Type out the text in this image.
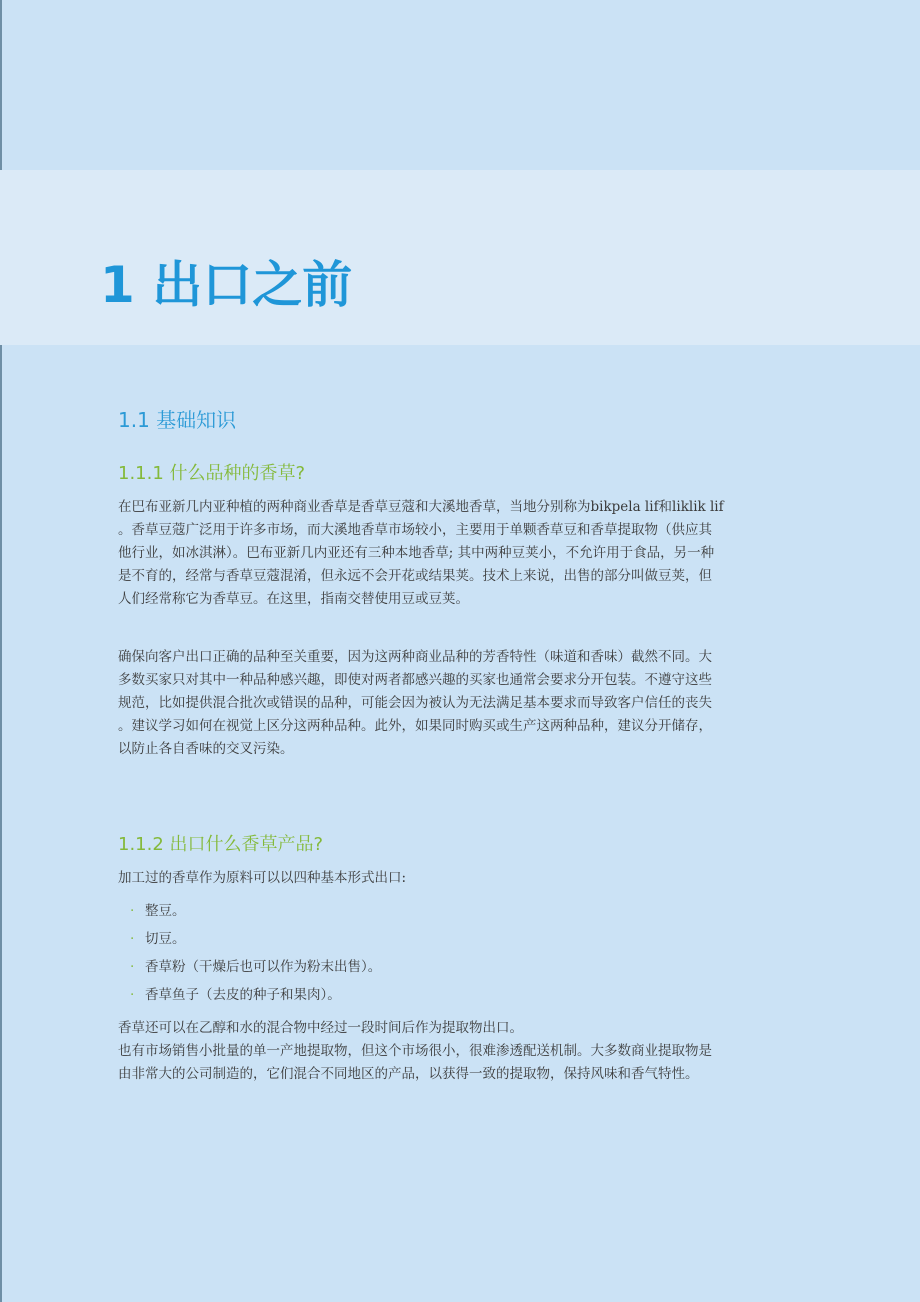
1 出口之前
1.1 基础知识
1.1.1 什么品种的香草?

在巴布亚新几内亚种植的两种商业香草是香草豆蔻和大溪地香草，当地分别称为bikpela lif和liklik lif
。香草豆蔻广泛用于许多市场，而大溪地香草市场较小，主要用于单颗香草豆和香草提取物（供应其
他行业，如冰淇淋）。巴布亚新几内亚还有三种本地香草; 其中两种豆荚小，不允许用于食品，另一种
是不育的，经常与香草豆蔻混淆，但永远不会开花或结果荚。技术上来说，出售的部分叫做豆荚，但
人们经常称它为香草豆。在这里，指南交替使用豆或豆荚。

确保向客户出口正确的品种至关重要，因为这两种商业品种的芳香特性（味道和香味）截然不同。大
多数买家只对其中一种品种感兴趣，即使对两者都感兴趣的买家也通常会要求分开包装。不遵守这些
规范，比如提供混合批次或错误的品种，可能会因为被认为无法满足基本要求而导致客户信任的丧失
。建议学习如何在视觉上区分这两种品种。此外，如果同时购买或生产这两种品种，建议分开储存，
以防止各自香味的交叉污染。

1.1.2 出口什么香草产品?

加工过的香草作为原料可以以四种基本形式出口:

· 整豆。
· 切豆。
· 香草粉（干燥后也可以作为粉末出售）。
· 香草鱼子（去皮的种子和果肉）。

香草还可以在乙醇和水的混合物中经过一段时间后作为提取物出口。
也有市场销售小批量的单一产地提取物，但这个市场很小，很难渗透配送机制。大多数商业提取物是
由非常大的公司制造的，它们混合不同地区的产品，以获得一致的提取物，保持风味和香气特性。
